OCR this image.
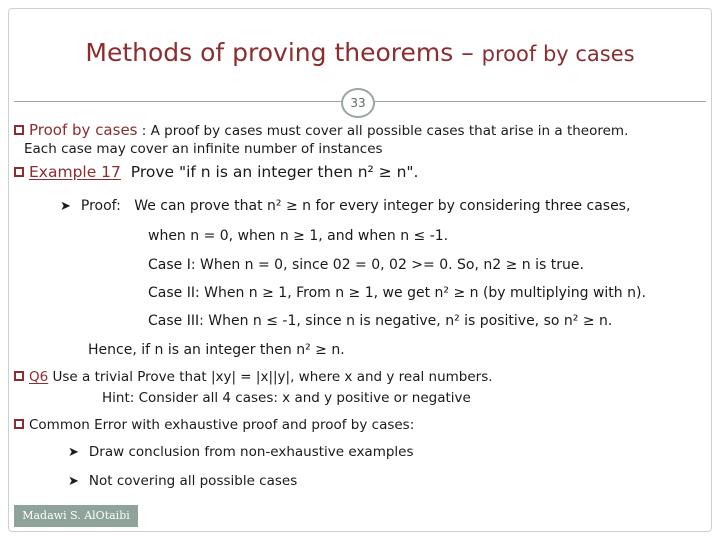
Methods of proving theorems – proof by cases
33
Proof by cases : A proof by cases must cover all possible cases that arise in a theorem.
Each case may cover an infinite number of instances
Example 17 Prove "if n is an integer then n² ≥ n".
➤ Proof: We can prove that n² ≥ n for every integer by considering three cases,
when n = 0, when n ≥ 1, and when n ≤ -1.
Case I: When n = 0, since 02 = 0, 02 >= 0. So, n2 ≥ n is true.
Case II: When n ≥ 1, From n ≥ 1, we get n² ≥ n (by multiplying with n).
Case III: When n ≤ -1, since n is negative, n² is positive, so n² ≥ n.
Hence, if n is an integer then n² ≥ n.
Q6 Use a trivial Prove that |xy| = |x||y|, where x and y real numbers.
Hint: Consider all 4 cases: x and y positive or negative
Common Error with exhaustive proof and proof by cases:
➤ Draw conclusion from non-exhaustive examples
➤ Not covering all possible cases
Madawi S. AlOtaibi
